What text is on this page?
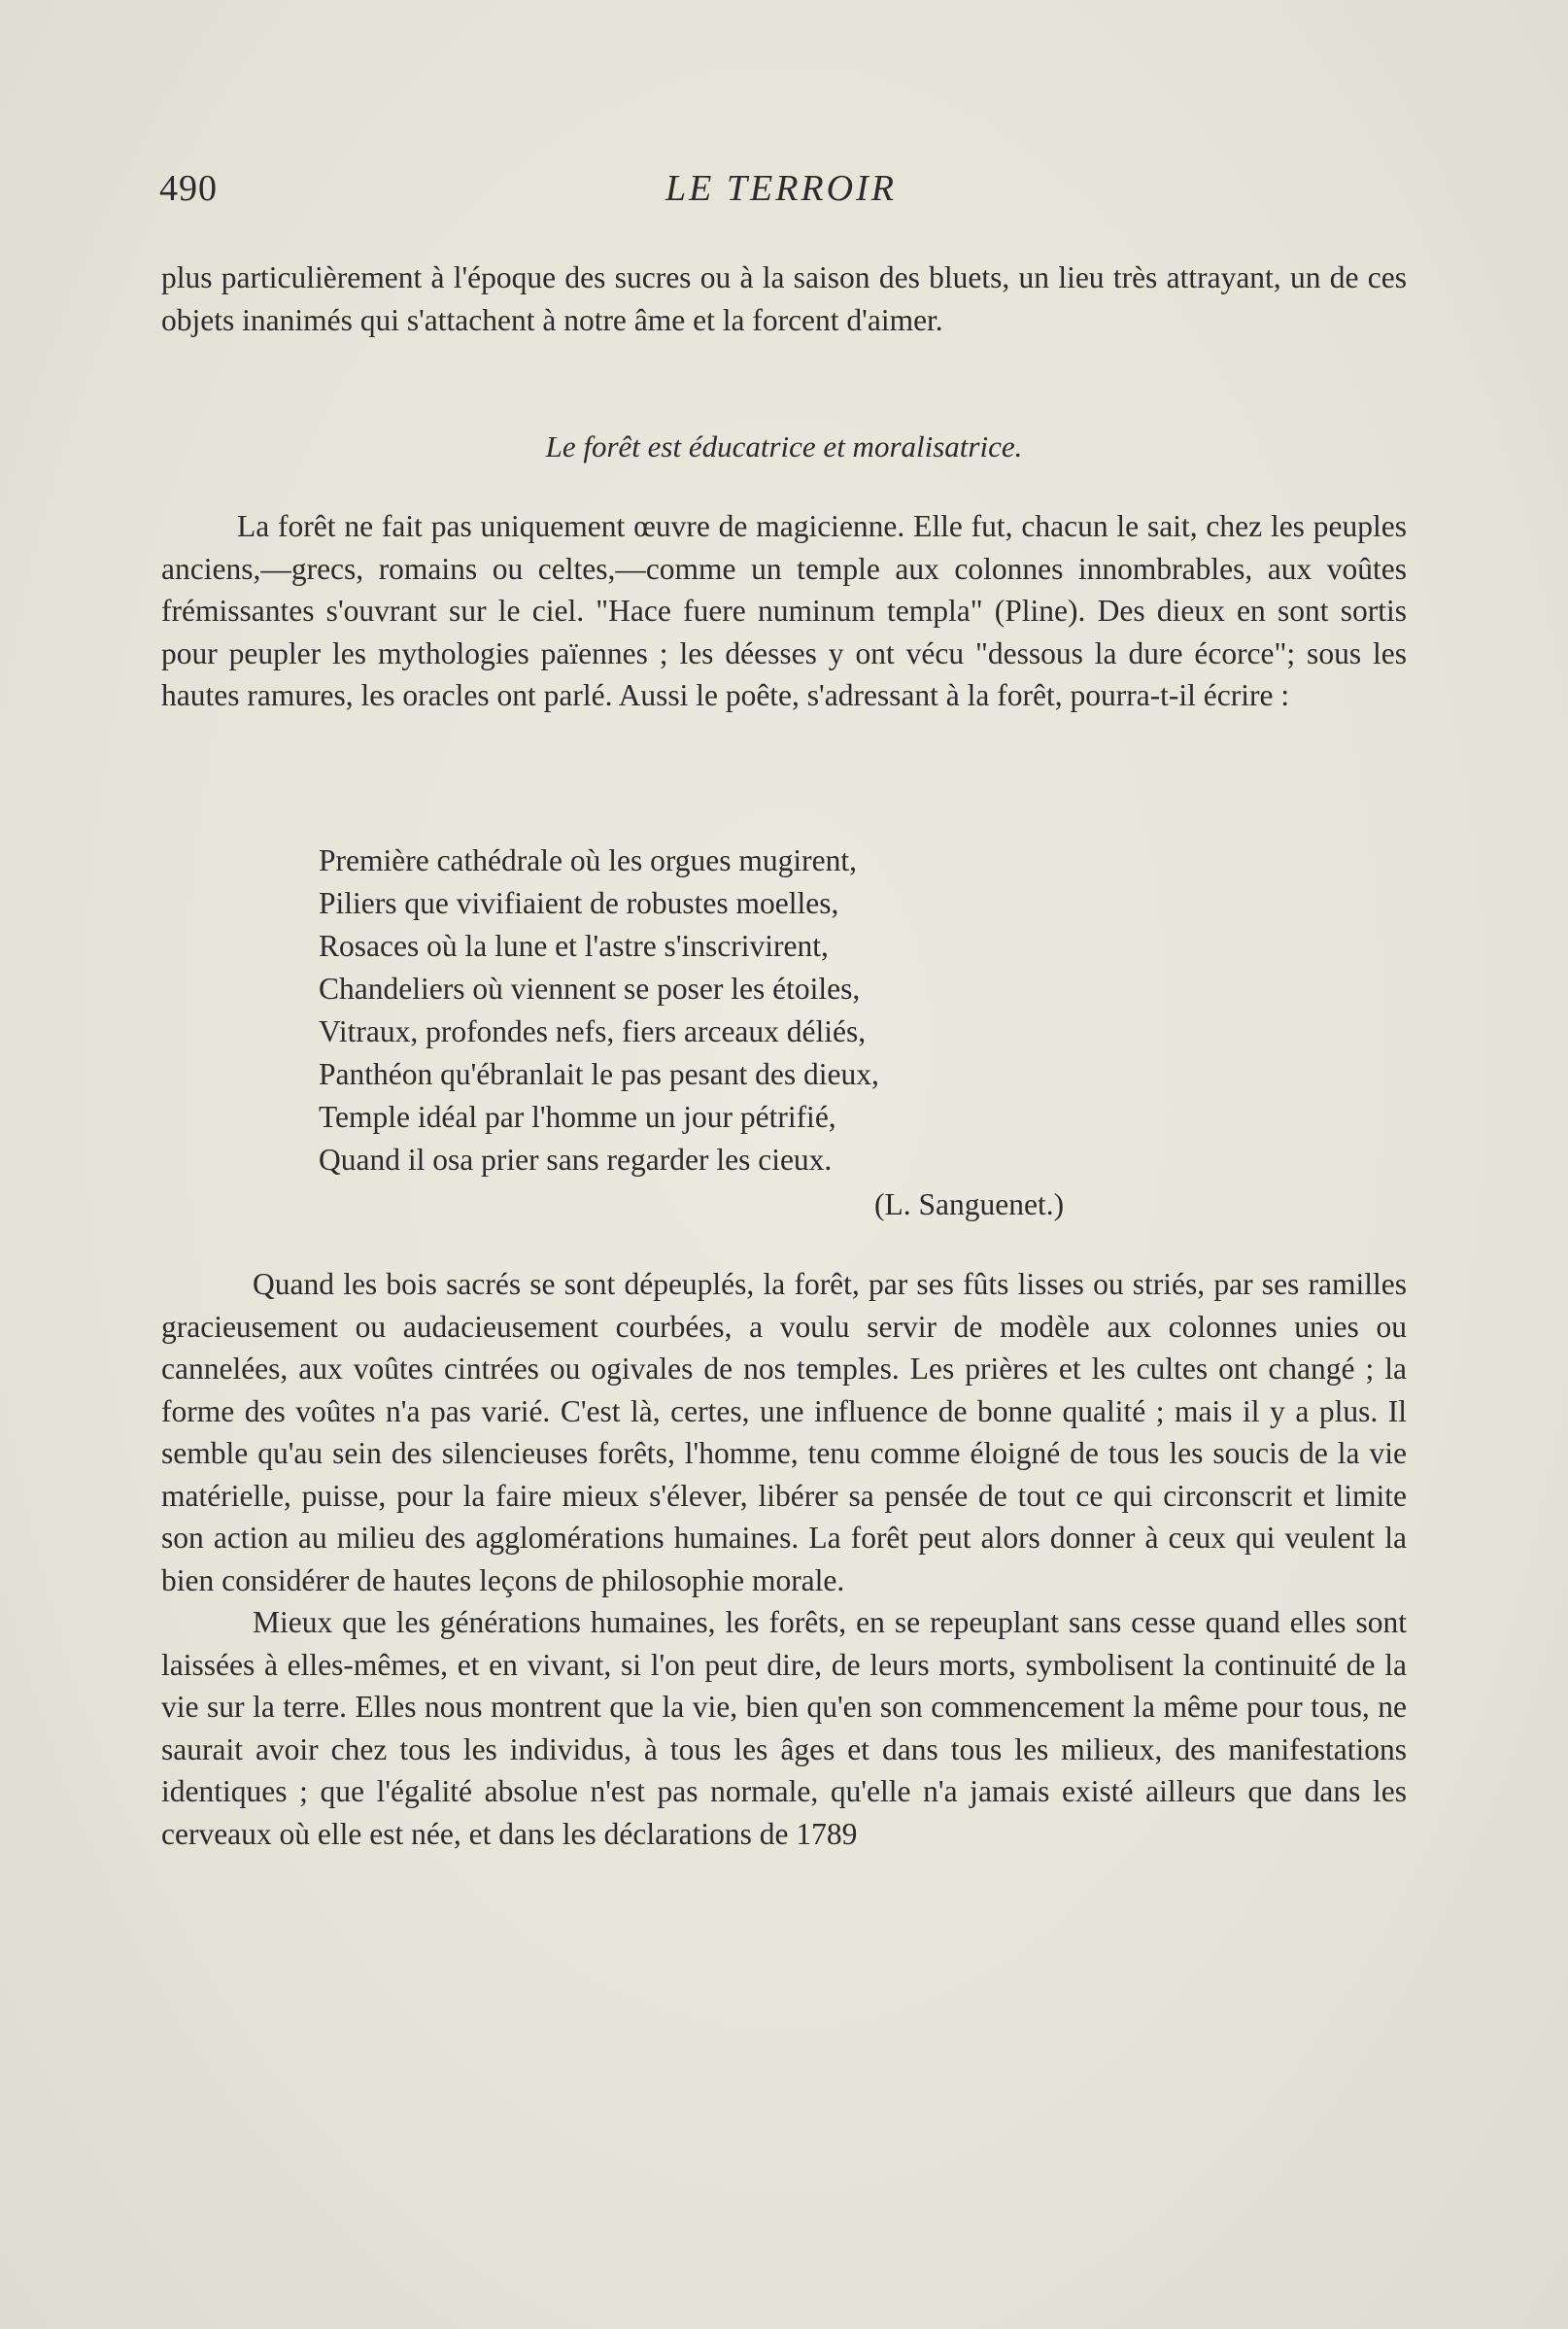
490	LE TERROIR

plus particulièrement à l'époque des sucres ou à la saison des bluets, un lieu très attrayant, un de ces objets inanimés qui s'attachent à notre âme et la forcent d'aimer.

Le forêt est éducatrice et moralisatrice.

La forêt ne fait pas uniquement œuvre de magicienne. Elle fut, chacun le sait, chez les peuples anciens,—grecs, romains ou celtes,—comme un temple aux colonnes innombrables, aux voûtes frémissantes s'ouvrant sur le ciel. "Hace fuere numinum templa" (Pline). Des dieux en sont sortis pour peupler les mythologies païennes ; les déesses y ont vécu "dessous la dure écorce"; sous les hautes ramures, les oracles ont parlé. Aussi le poête, s'adressant à la forêt, pourra-t-il écrire :

Première cathédrale où les orgues mugirent,
Piliers que vivifiaient de robustes moelles,
Rosaces où la lune et l'astre s'inscrivirent,
Chandeliers où viennent se poser les étoiles,
Vitraux, profondes nefs, fiers arceaux déliés,
Panthéon qu'ébranlait le pas pesant des dieux,
Temple idéal par l'homme un jour pétrifié,
Quand il osa prier sans regarder les cieux.
(L. Sanguenet.)

Quand les bois sacrés se sont dépeuplés, la forêt, par ses fûts lisses ou striés, par ses ramilles gracieusement ou audacieusement courbées, a voulu servir de modèle aux colonnes unies ou cannelées, aux voûtes cintrées ou ogivales de nos temples. Les prières et les cultes ont changé ; la forme des voûtes n'a pas varié. C'est là, certes, une influence de bonne qualité ; mais il y a plus. Il semble qu'au sein des silencieuses forêts, l'homme, tenu comme éloigné de tous les soucis de la vie matérielle, puisse, pour la faire mieux s'élever, libérer sa pensée de tout ce qui circonscrit et limite son action au milieu des agglomérations humaines. La forêt peut alors donner à ceux qui veulent la bien considérer de hautes leçons de philosophie morale.

Mieux que les générations humaines, les forêts, en se repeuplant sans cesse quand elles sont laissées à elles-mêmes, et en vivant, si l'on peut dire, de leurs morts, symbolisent la continuité de la vie sur la terre. Elles nous montrent que la vie, bien qu'en son commencement la même pour tous, ne saurait avoir chez tous les individus, à tous les âges et dans tous les milieux, des manifestations identiques ; que l'égalité absolue n'est pas normale, qu'elle n'a jamais existé ailleurs que dans les cerveaux où elle est née, et dans les déclarations de 1789
